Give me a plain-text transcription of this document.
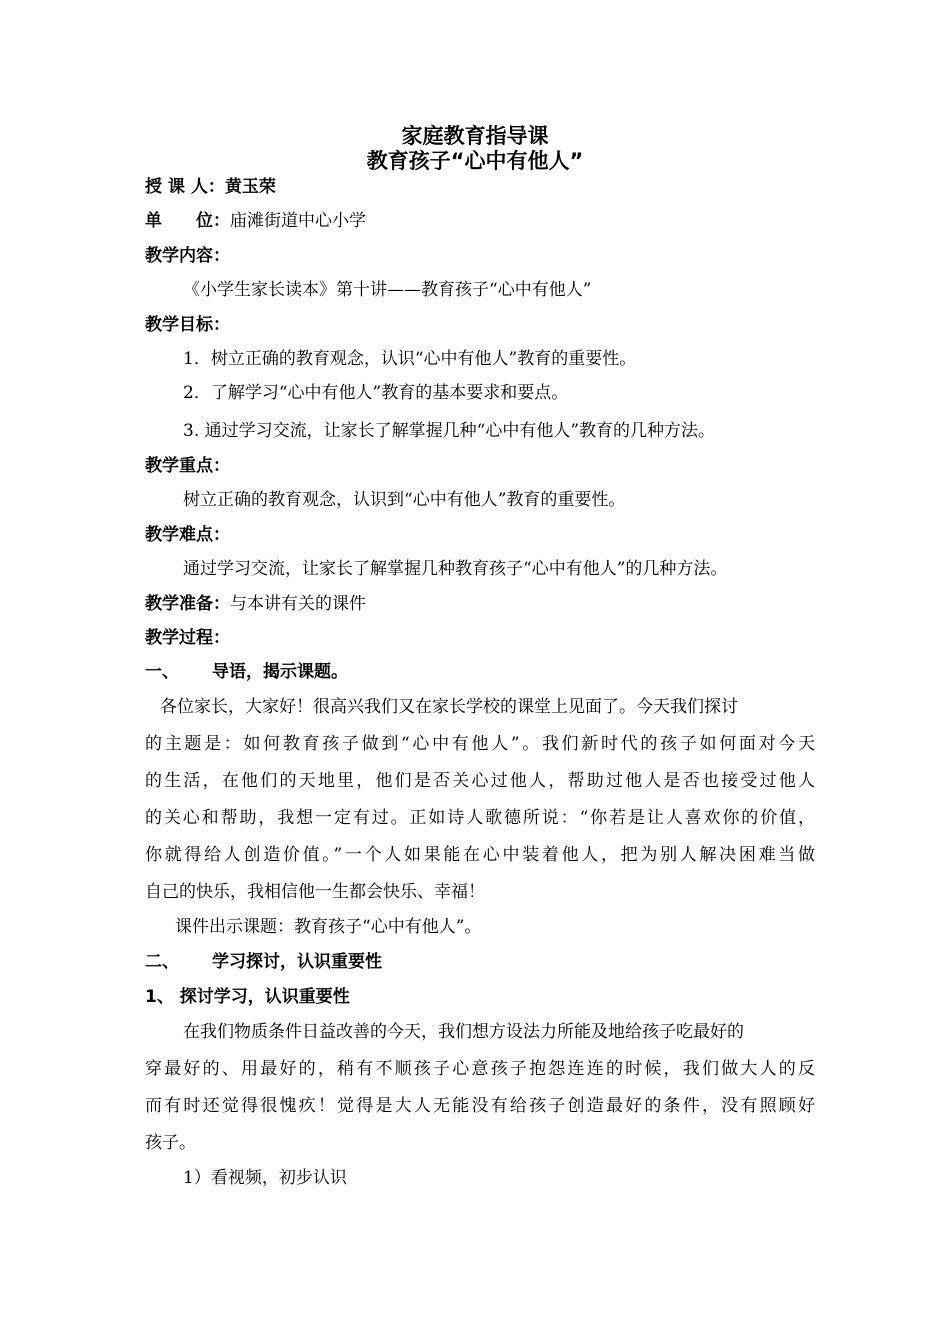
家庭教育指导课
教育孩子“心中有他人”
授 课 人：黄玉荣
单　　位：庙滩街道中心小学
教学内容：
《小学生家长读本》第十讲——教育孩子“心中有他人”
教学目标：
1．树立正确的教育观念，认识“心中有他人”教育的重要性。
2．了解学习“心中有他人”教育的基本要求和要点。
3. 通过学习交流，让家长了解掌握几种“心中有他人”教育的几种方法。
教学重点：
树立正确的教育观念，认识到“心中有他人”教育的重要性。
教学难点：
通过学习交流，让家长了解掌握几种教育孩子“心中有他人”的几种方法。
教学准备：与本讲有关的课件
教学过程：
一、 导语，揭示课题。
各位家长，大家好！很高兴我们又在家长学校的课堂上见面了。今天我们探讨
的主题是：如何教育孩子做到“心中有他人”。我们新时代的孩子如何面对今天
的生活，在他们的天地里，他们是否关心过他人，帮助过他人是否也接受过他人
的关心和帮助，我想一定有过。正如诗人歌德所说：“你若是让人喜欢你的价值，
你就得给人创造价值。”一个人如果能在心中装着他人，把为别人解决困难当做
自己的快乐，我相信他一生都会快乐、幸福！
课件出示课题：教育孩子“心中有他人”。
二、 学习探讨，认识重要性
1、 探讨学习，认识重要性
在我们物质条件日益改善的今天，我们想方设法力所能及地给孩子吃最好的
穿最好的、用最好的，稍有不顺孩子心意孩子抱怨连连的时候，我们做大人的反
而有时还觉得很愧疚！觉得是大人无能没有给孩子创造最好的条件，没有照顾好
孩子。
1）看视频，初步认识
